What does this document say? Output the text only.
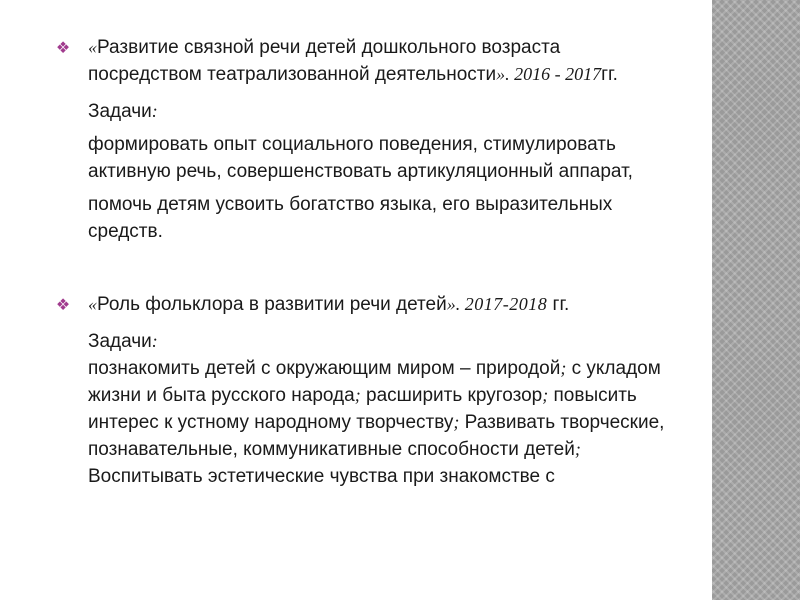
❖ «Развитие связной речи детей дошкольного возраста посредством театрализованной деятельности». 2016 - 2017гг.

Задачи:

формировать опыт социального поведения, стимулировать активную речь, совершенствовать артикуляционный аппарат,

помочь детям усвоить богатство языка, его выразительных средств.

❖ «Роль фольклора в развитии речи детей». 2017-2018 гг.

Задачи:

познакомить детей с окружающим миром – природой; с укладом жизни и быта русского народа; расширить кругозор; повысить интерес к устному народному творчеству; Развивать творческие, познавательные, коммуникативные способности детей;
Воспитывать эстетические чувства при знакомстве с
